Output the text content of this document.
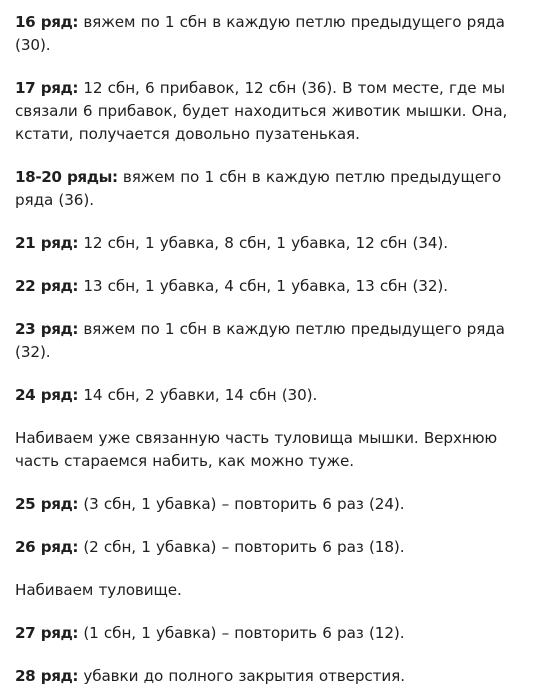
16 ряд: вяжем по 1 сбн в каждую петлю предыдущего ряда (30).

17 ряд: 12 сбн, 6 прибавок, 12 сбн (36). В том месте, где мы связали 6 прибавок, будет находиться животик мышки. Она, кстати, получается довольно пузатенькая.

18-20 ряды: вяжем по 1 сбн в каждую петлю предыдущего ряда (36).

21 ряд: 12 сбн, 1 убавка, 8 сбн, 1 убавка, 12 сбн (34).

22 ряд: 13 сбн, 1 убавка, 4 сбн, 1 убавка, 13 сбн (32).

23 ряд: вяжем по 1 сбн в каждую петлю предыдущего ряда (32).

24 ряд: 14 сбн, 2 убавки, 14 сбн (30).

Набиваем уже связанную часть туловища мышки. Верхнюю часть стараемся набить, как можно туже.

25 ряд: (3 сбн, 1 убавка) – повторить 6 раз (24).

26 ряд: (2 сбн, 1 убавка) – повторить 6 раз (18).

Набиваем туловище.

27 ряд: (1 сбн, 1 убавка) – повторить 6 раз (12).

28 ряд: убавки до полного закрытия отверстия.
